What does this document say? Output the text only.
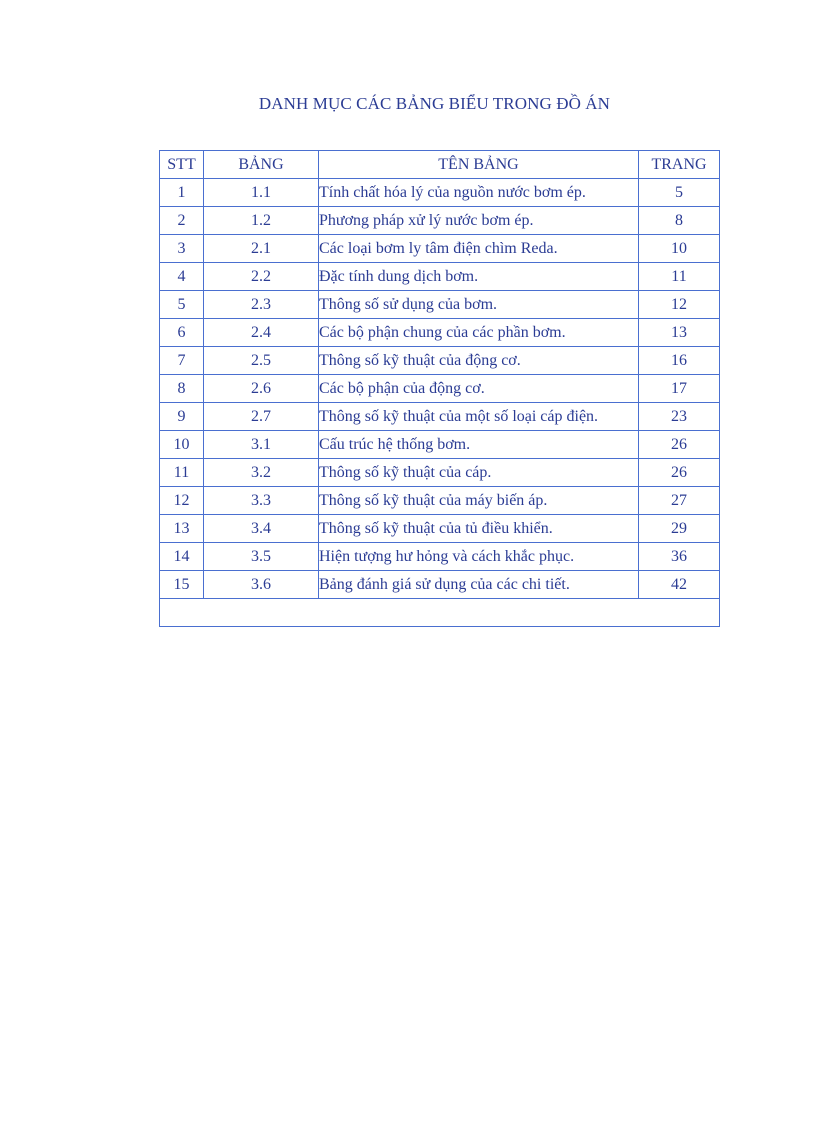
DANH MỤC CÁC BẢNG BIỂU TRONG ĐỒ ÁN
STT	BẢNG	TÊN BẢNG	TRANG
1	1.1	Tính chất hóa lý của nguồn nước bơm ép.	5
2	1.2	Phương pháp xử lý nước bơm ép.	8
3	2.1	Các loại bơm ly tâm điện chìm Reda.	10
4	2.2	Đặc tính dung dịch bơm.	11
5	2.3	Thông số sử dụng của bơm.	12
6	2.4	Các bộ phận chung của các phần bơm.	13
7	2.5	Thông số kỹ thuật của động cơ.	16
8	2.6	Các bộ phận của động cơ.	17
9	2.7	Thông số kỹ thuật của một số loại cáp điện.	23
10	3.1	Cấu trúc hệ thống bơm.	26
11	3.2	Thông số kỹ thuật của cáp.	26
12	3.3	Thông số kỹ thuật của máy biến áp.	27
13	3.4	Thông số kỹ thuật của tủ điều khiển.	29
14	3.5	Hiện tượng hư hỏng và cách khắc phục.	36
15	3.6	Bảng đánh giá sử dụng của các chi tiết.	42
